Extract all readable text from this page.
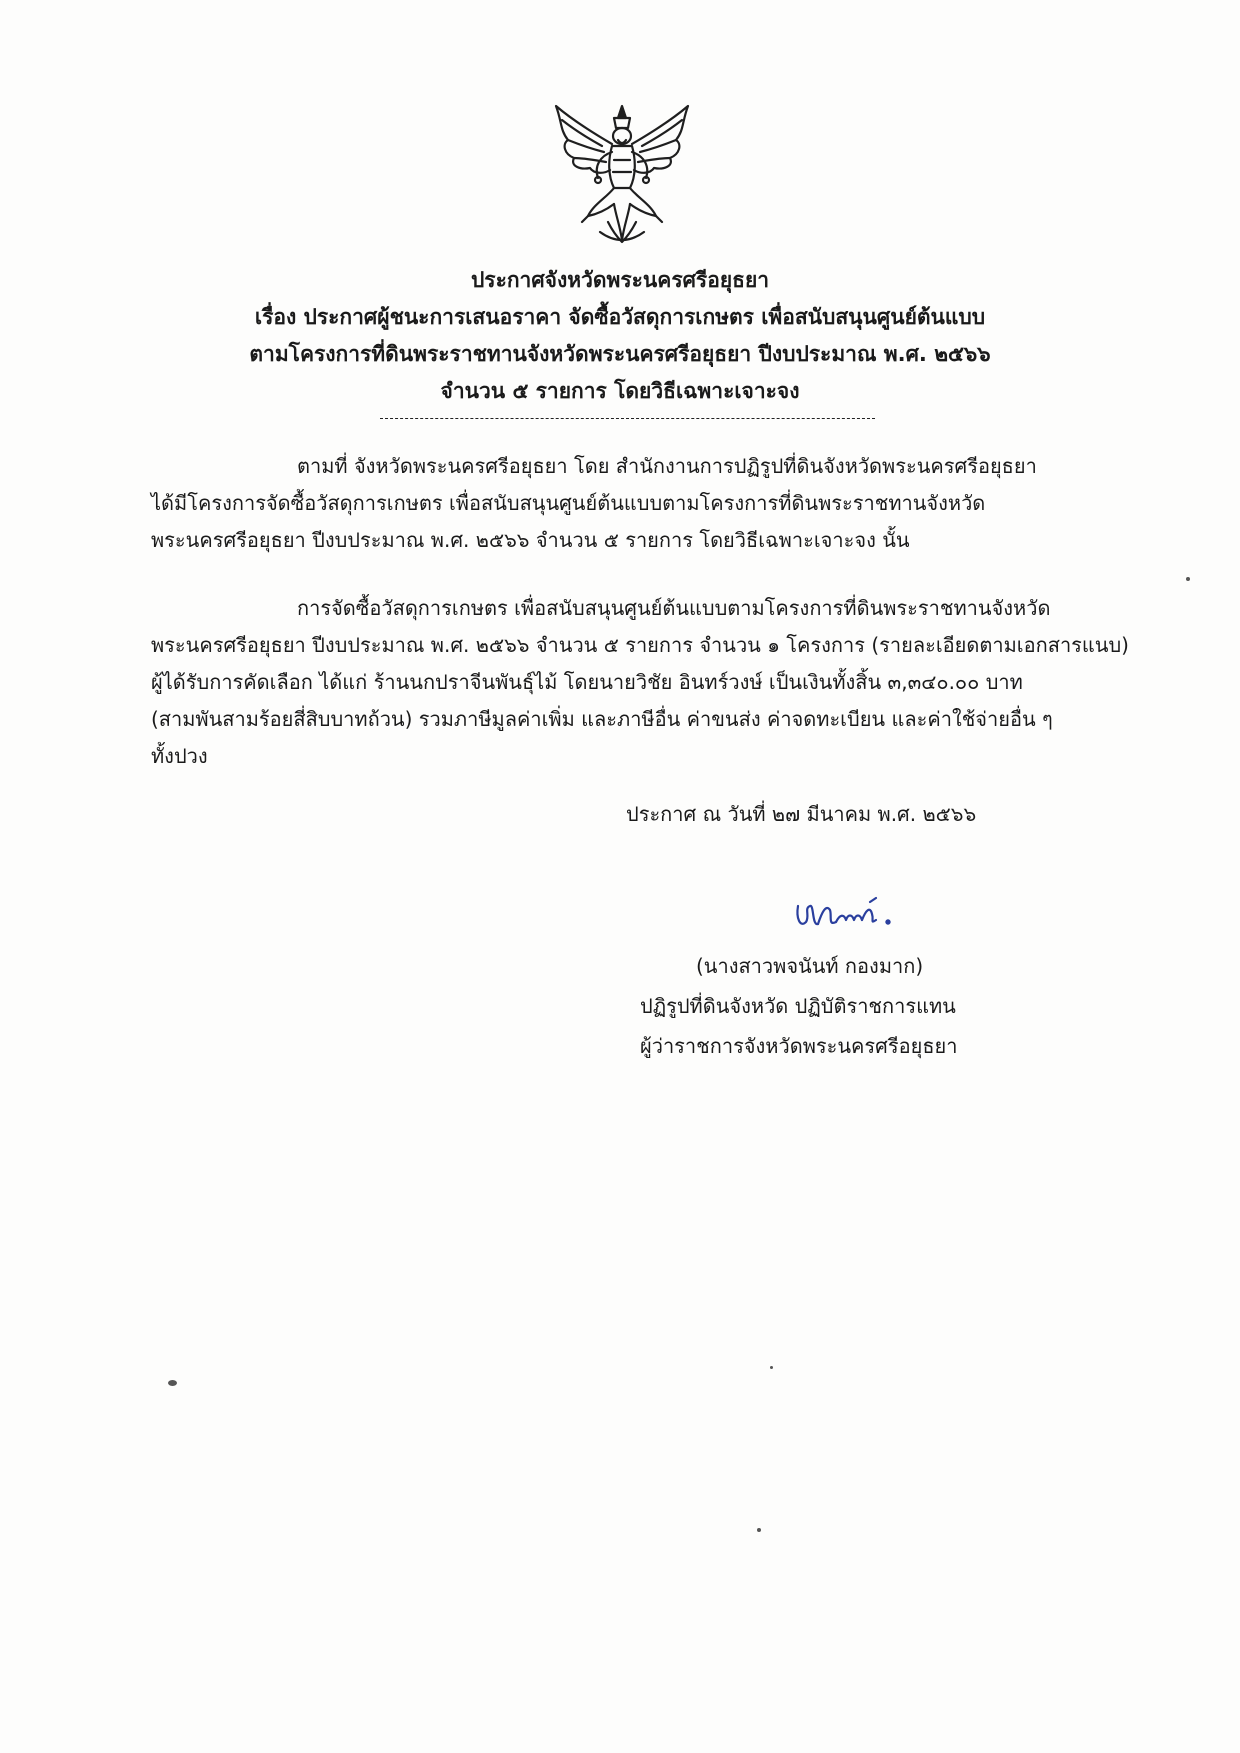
ประกาศจังหวัดพระนครศรีอยุธยา
เรื่อง ประกาศผู้ชนะการเสนอราคา จัดซื้อวัสดุการเกษตร เพื่อสนับสนุนศูนย์ต้นแบบ
ตามโครงการที่ดินพระราชทานจังหวัดพระนครศรีอยุธยา ปีงบประมาณ พ.ศ. ๒๕๖๖
จำนวน ๕ รายการ โดยวิธีเฉพาะเจาะจง
ตามที่ จังหวัดพระนครศรีอยุธยา โดย สำนักงานการปฏิรูปที่ดินจังหวัดพระนครศรีอยุธยา
ได้มีโครงการจัดซื้อวัสดุการเกษตร เพื่อสนับสนุนศูนย์ต้นแบบตามโครงการที่ดินพระราชทานจังหวัด
พระนครศรีอยุธยา ปีงบประมาณ พ.ศ. ๒๕๖๖ จำนวน ๕ รายการ โดยวิธีเฉพาะเจาะจง นั้น
การจัดซื้อวัสดุการเกษตร เพื่อสนับสนุนศูนย์ต้นแบบตามโครงการที่ดินพระราชทานจังหวัด
พระนครศรีอยุธยา ปีงบประมาณ พ.ศ. ๒๕๖๖ จำนวน ๕ รายการ จำนวน ๑ โครงการ (รายละเอียดตามเอกสารแนบ)
ผู้ได้รับการคัดเลือก ได้แก่ ร้านนกปราจีนพันธุ์ไม้ โดยนายวิชัย อินทร์วงษ์ เป็นเงินทั้งสิ้น ๓,๓๔๐.๐๐ บาท
(สามพันสามร้อยสี่สิบบาทถ้วน) รวมภาษีมูลค่าเพิ่ม และภาษีอื่น ค่าขนส่ง ค่าจดทะเบียน และค่าใช้จ่ายอื่น ๆ
ทั้งปวง
ประกาศ ณ วันที่ ๒๗ มีนาคม พ.ศ. ๒๕๖๖
(นางสาวพจนันท์ กองมาก)
ปฏิรูปที่ดินจังหวัด ปฏิบัติราชการแทน
ผู้ว่าราชการจังหวัดพระนครศรีอยุธยา
